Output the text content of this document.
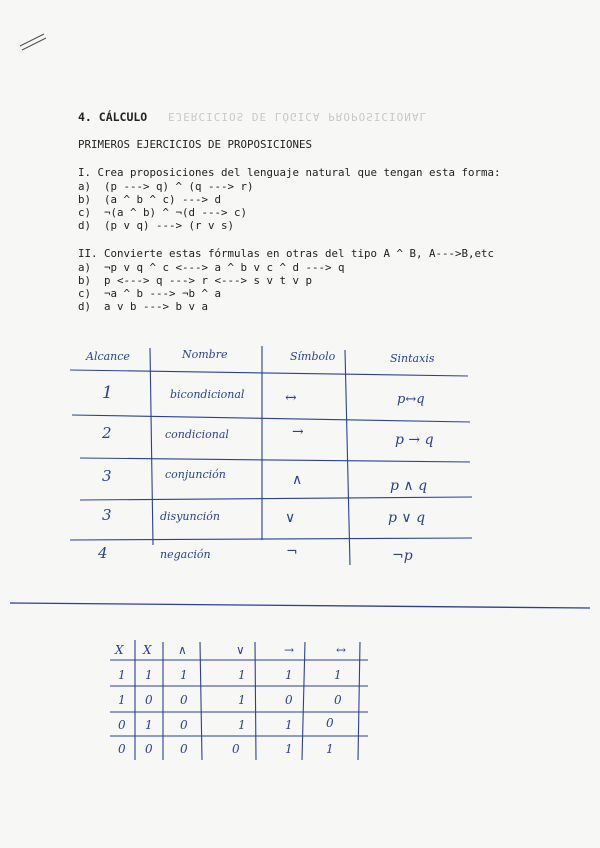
4. CÁLCULO EJERCICIOS DE LÓGICA PROPOSICIONAL
PRIMEROS EJERCICIOS DE PROPOSICIONES
I. Crea proposiciones del lenguaje natural que tengan esta forma:
a)  (p ---> q) ^ (q ---> r)
b)  (a ^ b ^ c) ---> d
c)  ¬(a ^ b) ^ ¬(d ---> c)
d)  (p v q) ---> (r v s)
II. Convierte estas fórmulas en otras del tipo A ^ B, A--->B,etc
a)  ¬p v q ^ c <---> a ^ b v c ^ d ---> q
b)  p <---> q ---> r <---> s v t v p
c)  ¬a ^ b ---> ¬b ^ a
d)  a v b ---> b v a
Alcance	Nombre	Símbolo	Sintaxis
1	bicondicional	↔	p↔q
2	condicional	→	p → q
3	conjunción	∧	p ∧ q
3	disyunción	∨	p ∨ q
4	negación	¬	¬p
X X ∧	∨	→	↔
1 1 1	1	1	1
1 0 0	1	0	0
0 1 0	1	1	0
0 0 0	0	1	1
